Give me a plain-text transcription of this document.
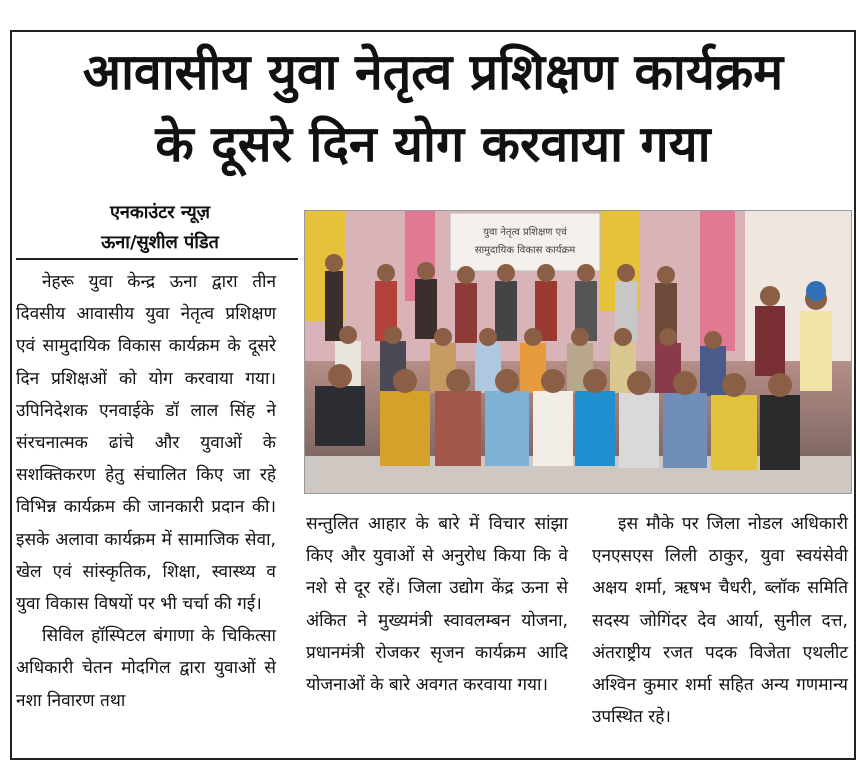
आवासीय युवा नेतृत्व प्रशिक्षण कार्यक्रम
के दूसरे दिन योग करवाया गया
एनकाउंटर न्यूज़
ऊना/सुशील पंडित

नेहरू युवा केन्द्र ऊना द्वारा तीन दिवसीय आवासीय युवा नेतृत्व प्रशिक्षण एवं सामुदायिक विकास कार्यक्रम के दूसरे दिन प्रशिक्षओं को योग करवाया गया। उपिनिदेशक एनवाईके डॉ लाल सिंह ने संरचनात्मक ढांचे और युवाओं के सशक्तिकरण हेतु संचालित किए जा रहे विभिन्न कार्यक्रम की जानकारी प्रदान की। इसके अलावा कार्यक्रम में सामाजिक सेवा, खेल एवं सांस्कृतिक, शिक्षा, स्वास्थ्य व युवा विकास विषयों पर भी चर्चा की गई।

सिविल हॉस्पिटल बंगाणा के चिकित्सा अधिकारी चेतन मोदगिल द्वारा युवाओं से नशा निवारण तथा

युवा नेतृत्व प्रशिक्षण एवं
सामुदायिक विकास कार्यक्रम

सन्तुलित आहार के बारे में विचार सांझा किए और युवाओं से अनुरोध किया कि वे नशे से दूर रहें। जिला उद्योग केंद्र ऊना से अंकित ने मुख्यमंत्री स्वावलम्बन योजना, प्रधानमंत्री रोजकर सृजन कार्यक्रम आदि योजनाओं के बारे अवगत करवाया गया।

इस मौके पर जिला नोडल अधिकारी एनएसएस लिली ठाकुर, युवा स्वयंसेवी अक्षय शर्मा, ऋषभ चैधरी, ब्लॉक समिति सदस्य जोगिंदर देव आर्या, सुनील दत्त, अंतराष्ट्रीय रजत पदक विजेता एथलीट अश्विन कुमार शर्मा सहित अन्य गणमान्य उपस्थित रहे।
